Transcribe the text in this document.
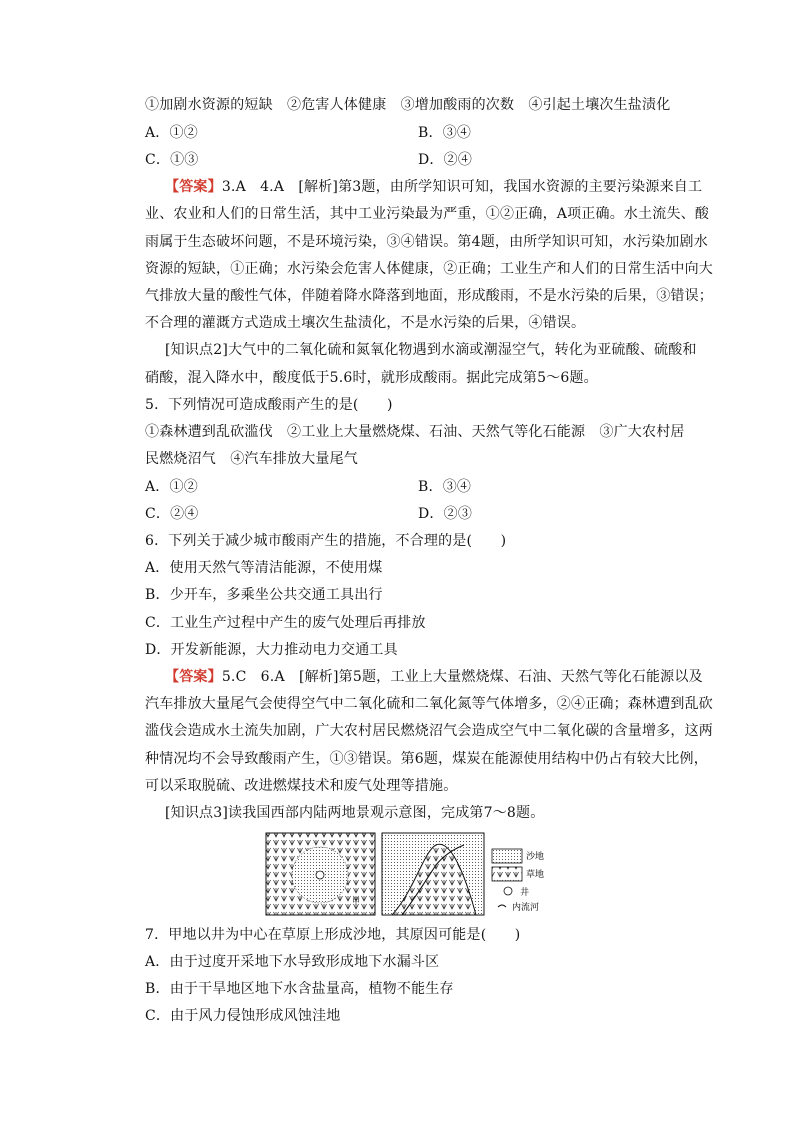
①加剧水资源的短缺　②危害人体健康　③增加酸雨的次数　④引起土壤次生盐渍化
A．①②	B．③④
C．①③	D．②④
【答案】3.A　4.A　[解析]第3题，由所学知识可知，我国水资源的主要污染源来自工
业、农业和人们的日常生活，其中工业污染最为严重，①②正确，A项正确。水土流失、酸
雨属于生态破坏问题，不是环境污染，③④错误。第4题，由所学知识可知，水污染加剧水
资源的短缺，①正确；水污染会危害人体健康，②正确；工业生产和人们的日常生活中向大
气排放大量的酸性气体，伴随着降水降落到地面，形成酸雨，不是水污染的后果，③错误；
不合理的灌溉方式造成土壤次生盐渍化，不是水污染的后果，④错误。
[知识点2]大气中的二氧化硫和氮氧化物遇到水滴或潮湿空气，转化为亚硫酸、硫酸和
硝酸，混入降水中，酸度低于5.6时，就形成酸雨。据此完成第5～6题。
5．下列情况可造成酸雨产生的是(　　)
①森林遭到乱砍滥伐　②工业上大量燃烧煤、石油、天然气等化石能源　③广大农村居
民燃烧沼气　④汽车排放大量尾气
A．①②	B．③④
C．②④	D．②③
6．下列关于减少城市酸雨产生的措施，不合理的是(　　)
A．使用天然气等清洁能源，不使用煤
B．少开车，多乘坐公共交通工具出行
C．工业生产过程中产生的废气处理后再排放
D．开发新能源，大力推动电力交通工具
【答案】5.C　6.A　[解析]第5题，工业上大量燃烧煤、石油、天然气等化石能源以及
汽车排放大量尾气会使得空气中二氧化硫和二氧化氮等气体增多，②④正确；森林遭到乱砍
滥伐会造成水土流失加剧，广大农村居民燃烧沼气会造成空气中二氧化碳的含量增多，这两
种情况均不会导致酸雨产生，①③错误。第6题，煤炭在能源使用结构中仍占有较大比例，
可以采取脱硫、改进燃煤技术和废气处理等措施。
[知识点3]读我国西部内陆两地景观示意图，完成第7～8题。
甲
沙地
草地
井
内流河
7．甲地以井为中心在草原上形成沙地，其原因可能是(　　)
A．由于过度开采地下水导致形成地下水漏斗区
B．由于干旱地区地下水含盐量高，植物不能生存
C．由于风力侵蚀形成风蚀洼地
